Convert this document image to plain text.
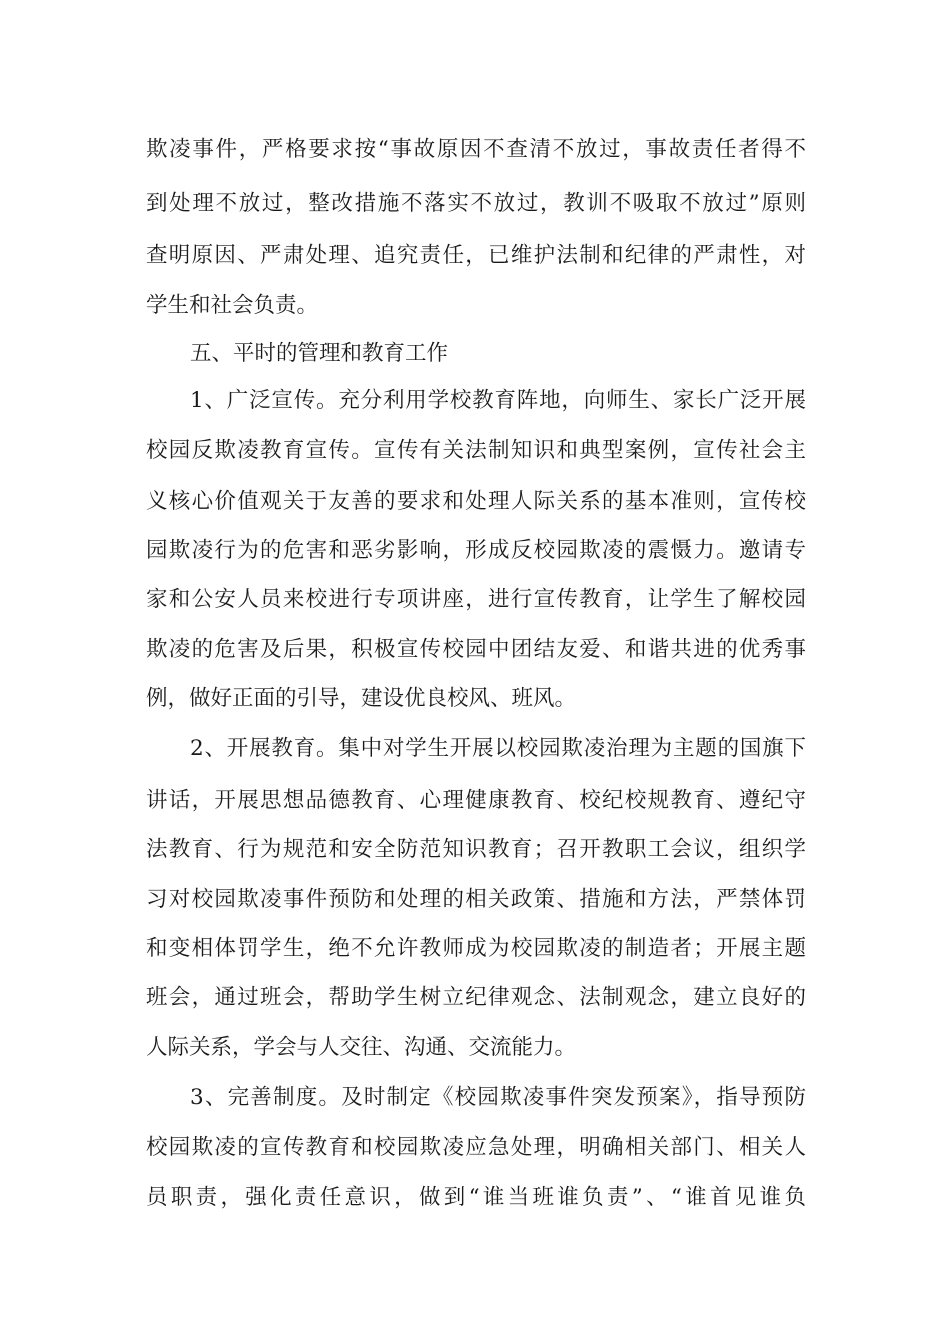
欺凌事件，严格要求按“事故原因不查清不放过，事故责任者得不
到处理不放过，整改措施不落实不放过，教训不吸取不放过”原则
查明原因、严肃处理、追究责任，已维护法制和纪律的严肃性，对
学生和社会负责。
五、平时的管理和教育工作
1、广泛宣传。充分利用学校教育阵地，向师生、家长广泛开展
校园反欺凌教育宣传。宣传有关法制知识和典型案例，宣传社会主
义核心价值观关于友善的要求和处理人际关系的基本准则，宣传校
园欺凌行为的危害和恶劣影响，形成反校园欺凌的震慑力。邀请专
家和公安人员来校进行专项讲座，进行宣传教育，让学生了解校园
欺凌的危害及后果，积极宣传校园中团结友爱、和谐共进的优秀事
例，做好正面的引导，建设优良校风、班风。
2、开展教育。集中对学生开展以校园欺凌治理为主题的国旗下
讲话，开展思想品德教育、心理健康教育、校纪校规教育、遵纪守
法教育、行为规范和安全防范知识教育；召开教职工会议，组织学
习对校园欺凌事件预防和处理的相关政策、措施和方法，严禁体罚
和变相体罚学生，绝不允许教师成为校园欺凌的制造者；开展主题
班会，通过班会，帮助学生树立纪律观念、法制观念，建立良好的
人际关系，学会与人交往、沟通、交流能力。
3、完善制度。及时制定《校园欺凌事件突发预案》，指导预防
校园欺凌的宣传教育和校园欺凌应急处理，明确相关部门、相关人
员职责，强化责任意识，做到“谁当班谁负责”、“谁首见谁负
